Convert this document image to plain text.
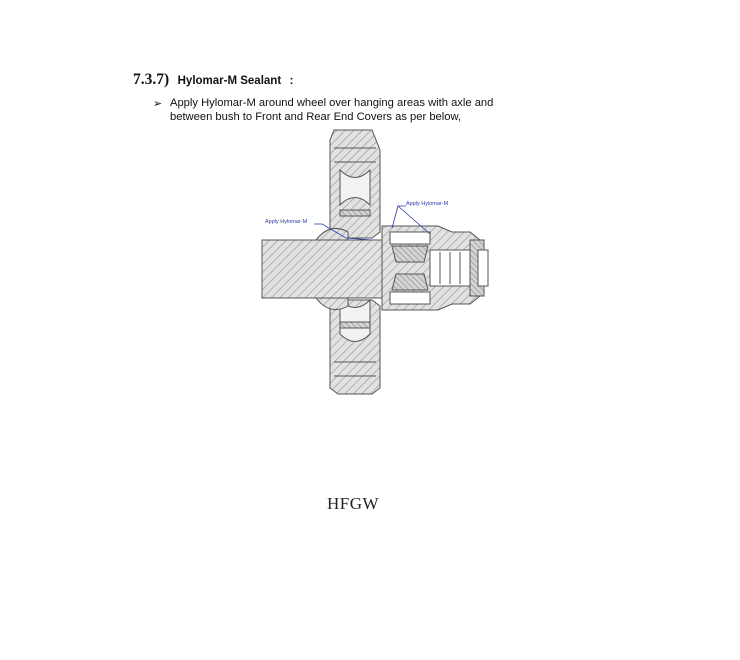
7.3.7) Hylomar-M Sealant :
➢ Apply Hylomar-M around wheel over hanging areas with axle and between bush to Front and Rear End Covers as per below,
Apply Hylomar-M
Apply Hylomar-M
HFGW
